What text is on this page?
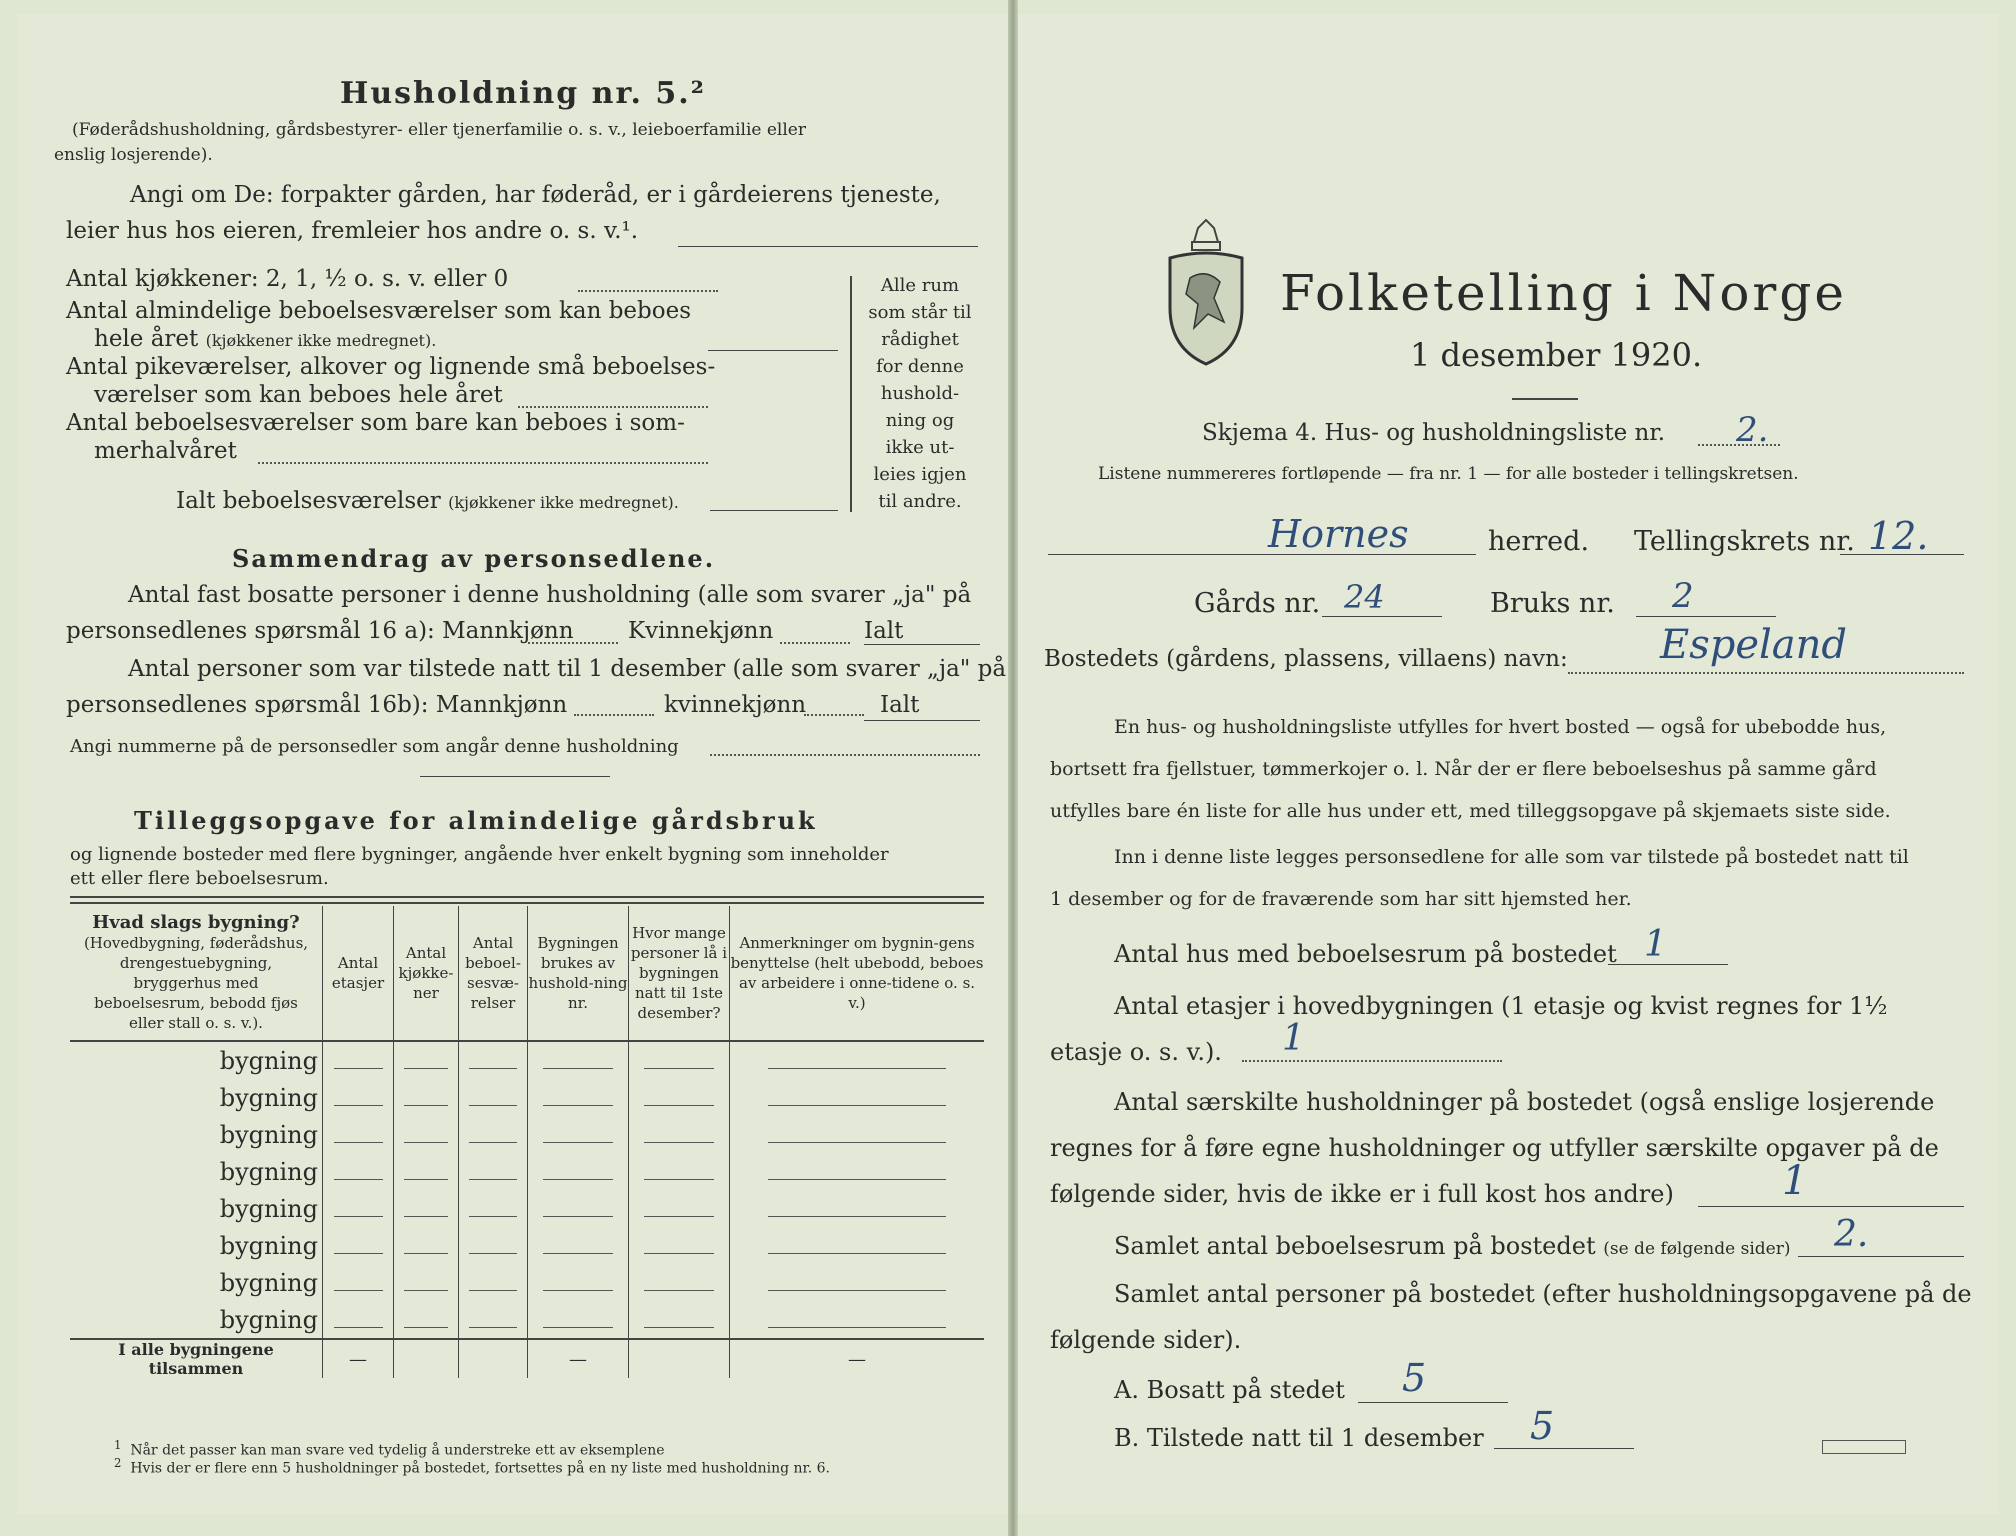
Husholdning nr. 5.²
(Føderådshusholdning, gårdsbestyrer- eller tjenerfamilie o. s. v., leieboerfamilie eller
enslig losjerende).
Angi om De: forpakter gården, har føderåd, er i gårdeierens tjeneste,
leier hus hos eieren, fremleier hos andre o. s. v.¹.
Antal kjøkkener: 2, 1, ½ o. s. v. eller 0
Antal almindelige beboelsesværelser som kan beboes
hele året (kjøkkener ikke medregnet).
Antal pikeværelser, alkover og lignende små beboelses-
værelser som kan beboes hele året
Antal beboelsesværelser som bare kan beboes i som-
merhalvåret
Ialt beboelsesværelser (kjøkkener ikke medregnet).
Alle rum
som står til
rådighet
for denne
hushold-
ning og
ikke ut-
leies igjen
til andre.
Sammendrag av personsedlene.
Antal fast bosatte personer i denne husholdning (alle som svarer „ja" på
personsedlenes spørsmål 16 a): Mannkjønn Kvinnekjønn	Ialt
Antal personer som var tilstede natt til 1 desember (alle som svarer „ja" på
personsedlenes spørsmål 16b): Mannkjønn	kvinnekjønn	Ialt
Angi nummerne på de personsedler som angår denne husholdning
Tilleggsopgave for almindelige gårdsbruk
og lignende bosteder med flere bygninger, angående hver enkelt bygning som inneholder
ett eller flere beboelsesrum.
Hvad slags bygning?
(Hovedbygning, føderådshus, drengestuebygning, bryggerhus med beboelsesrum, bebodd fjøs eller stall o. s. v.).	Antal etasjer	Antal kjøkke-ner	Antal beboel-sesvæ-relser	Bygningen brukes av hushold-ning nr.	Hvor mange personer lå i bygningen natt til 1ste desember?	Anmerkninger om bygnin-gens benyttelse (helt ubebodd, beboes av arbeidere i onne-tidene o. s. v.)
bygning						
bygning						
bygning						
bygning						
bygning						
bygning						
bygning						
bygning						
I alle bygningene tilsammen	—			—		—
$^1$ Når det passer kan man svare ved tydelig å understreke ett av eksemplene
$^2$ Hvis der er flere enn 5 husholdninger på bostedet, fortsettes på en ny liste med husholdning nr. 6.
Folketelling i Norge
1 desember 1920.
Skjema 4. Hus- og husholdningsliste nr. 2.
Listene nummereres fortløpende — fra nr. 1 — for alle bosteder i tellingskretsen.
Hornes	herred. Tellingskrets nr. 12.
Gårds nr. 24	Bruks nr. 2
Bostedets (gårdens, plassens, villaens) navn: Espeland
En hus- og husholdningsliste utfylles for hvert bosted — også for ubebodde hus,
bortsett fra fjellstuer, tømmerkojer o. l. Når der er flere beboelseshus på samme gård
utfylles bare én liste for alle hus under ett, med tilleggsopgave på skjemaets siste side.
Inn i denne liste legges personsedlene for alle som var tilstede på bostedet natt til
1 desember og for de fraværende som har sitt hjemsted her.
Antal hus med beboelsesrum på bostedet 1
Antal etasjer i hovedbygningen (1 etasje og kvist regnes for 1½
etasje o. s. v.). 1
Antal særskilte husholdninger på bostedet (også enslige losjerende
regnes for å føre egne husholdninger og utfyller særskilte opgaver på de
følgende sider, hvis de ikke er i full kost hos andre)	1
Samlet antal beboelsesrum på bostedet (se de følgende sider) 2.
Samlet antal personer på bostedet (efter husholdningsopgavene på de
følgende sider).
A. Bosatt på stedet 5
B. Tilstede natt til 1 desember 5
